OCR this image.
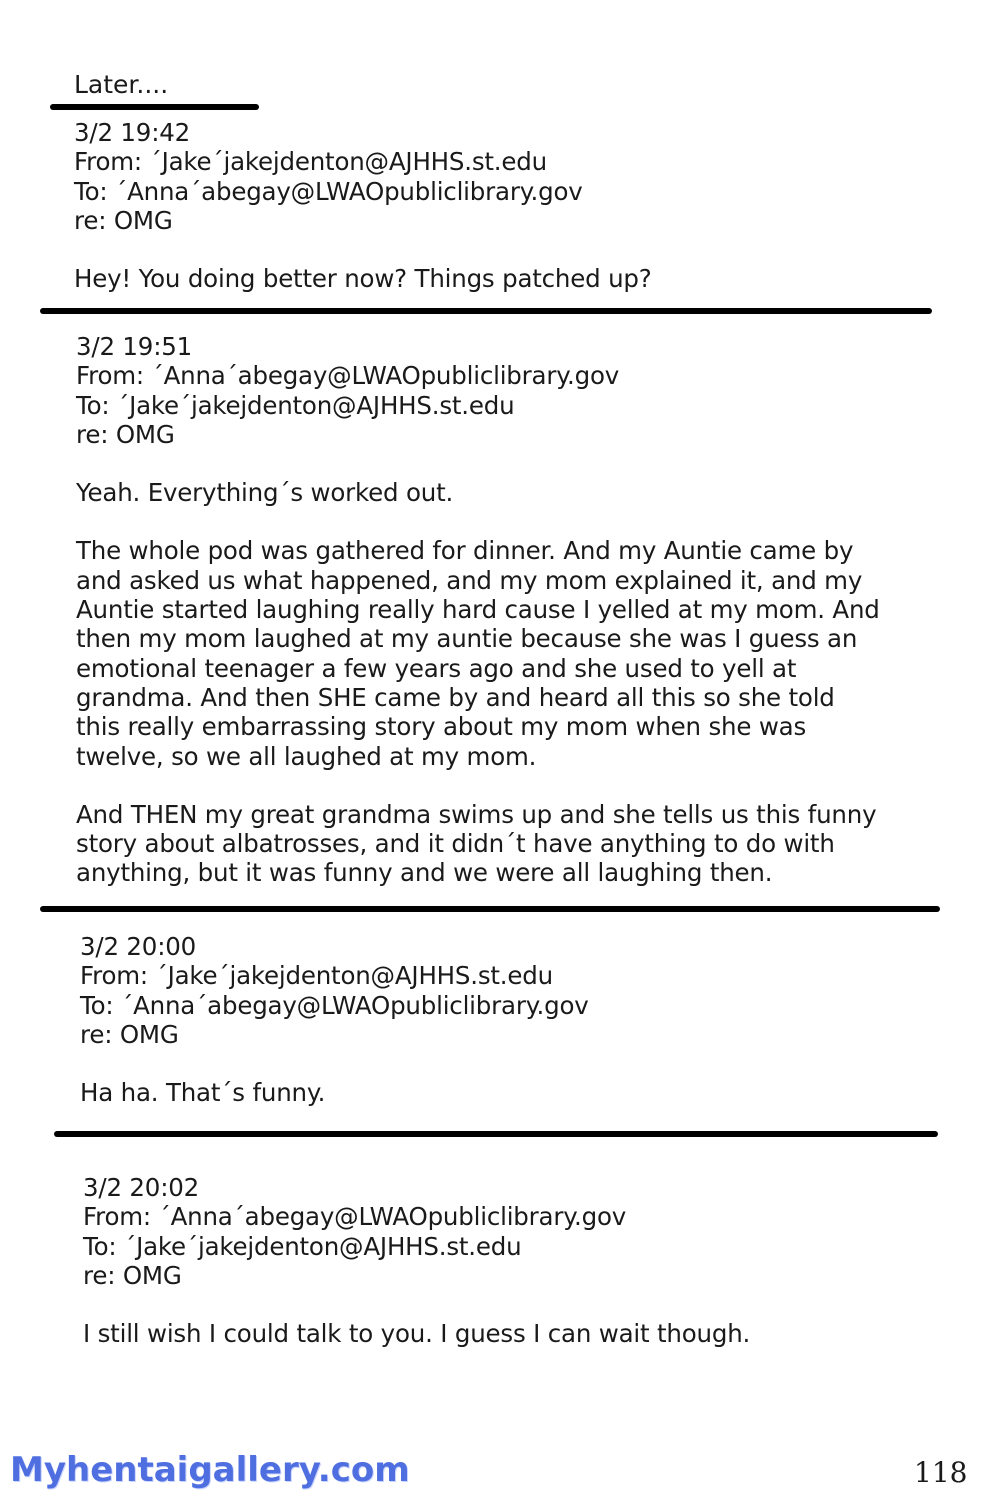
Later....
3/2 19:42
From: ´Jake´jakejdenton@AJHHS.st.edu
To: ´Anna´abegay@LWAOpubliclibrary.gov
re: OMG
Hey! You doing better now? Things patched up?
3/2 19:51
From: ´Anna´abegay@LWAOpubliclibrary.gov
To: ´Jake´jakejdenton@AJHHS.st.edu
re: OMG
Yeah. Everything´s worked out.
The whole pod was gathered for dinner. And my Auntie came by
and asked us what happened, and my mom explained it, and my
Auntie started laughing really hard cause I yelled at my mom. And
then my mom laughed at my auntie because she was I guess an
emotional teenager a few years ago and she used to yell at
grandma. And then SHE came by and heard all this so she told
this really embarrassing story about my mom when she was
twelve, so we all laughed at my mom.
And THEN my great grandma swims up and she tells us this funny
story about albatrosses, and it didn´t have anything to do with
anything, but it was funny and we were all laughing then.
3/2 20:00
From: ´Jake´jakejdenton@AJHHS.st.edu
To: ´Anna´abegay@LWAOpubliclibrary.gov
re: OMG
Ha ha. That´s funny.
3/2 20:02
From: ´Anna´abegay@LWAOpubliclibrary.gov
To: ´Jake´jakejdenton@AJHHS.st.edu
re: OMG
I still wish I could talk to you. I guess I can wait though.
Myhentaigallery.com	118
